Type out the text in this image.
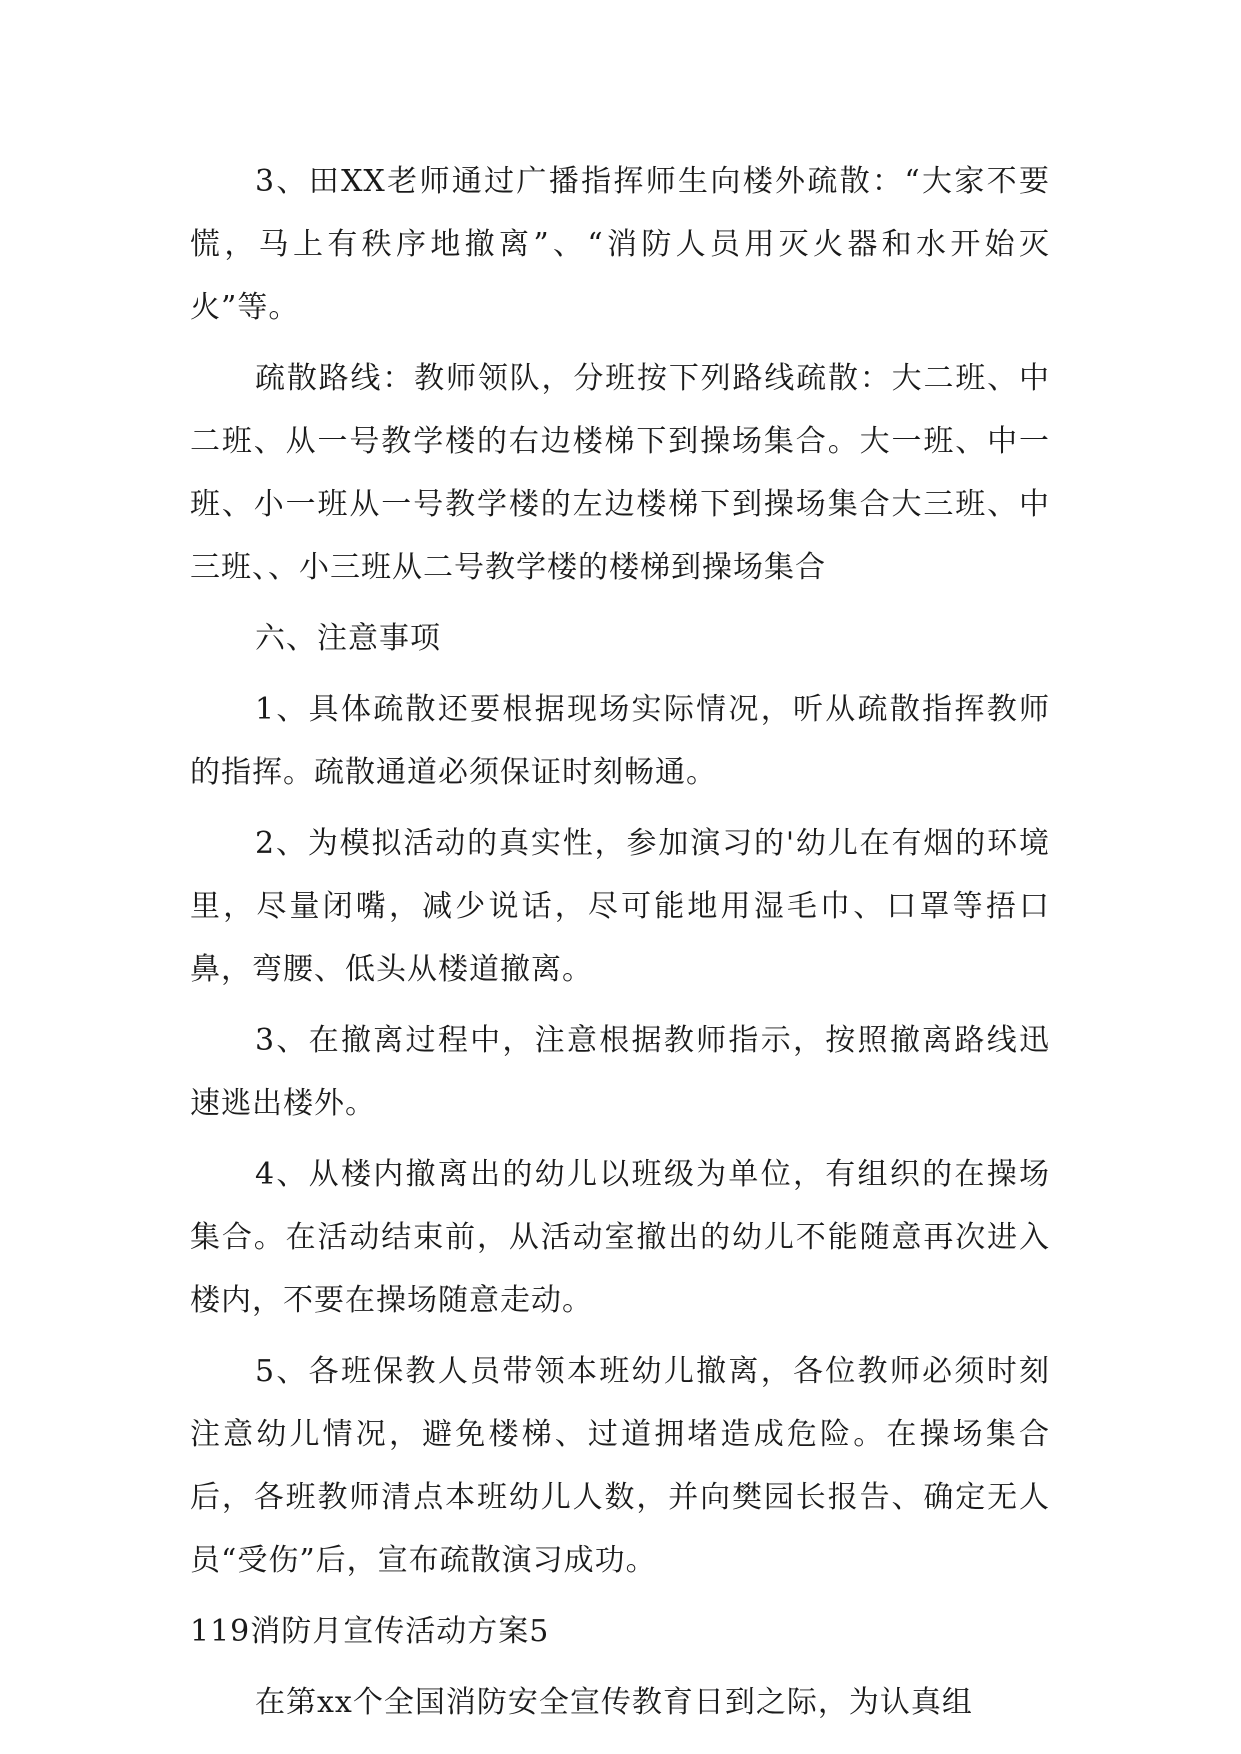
3、田XX老师通过广播指挥师生向楼外疏散：“大家不要慌，马上有秩序地撤离”、“消防人员用灭火器和水开始灭火”等。

疏散路线：教师领队，分班按下列路线疏散：大二班、中二班、从一号教学楼的右边楼梯下到操场集合。大一班、中一班、小一班从一号教学楼的左边楼梯下到操场集合大三班、中三班、、小三班从二号教学楼的楼梯到操场集合

六、注意事项

1、具体疏散还要根据现场实际情况，听从疏散指挥教师的指挥。疏散通道必须保证时刻畅通。

2、为模拟活动的真实性，参加演习的'幼儿在有烟的环境里，尽量闭嘴，减少说话，尽可能地用湿毛巾、口罩等捂口鼻，弯腰、低头从楼道撤离。

3、在撤离过程中，注意根据教师指示，按照撤离路线迅速逃出楼外。

4、从楼内撤离出的幼儿以班级为单位，有组织的在操场集合。在活动结束前，从活动室撤出的幼儿不能随意再次进入楼内，不要在操场随意走动。

5、各班保教人员带领本班幼儿撤离，各位教师必须时刻注意幼儿情况，避免楼梯、过道拥堵造成危险。在操场集合后，各班教师清点本班幼儿人数，并向樊园长报告、确定无人员“受伤”后，宣布疏散演习成功。

119消防月宣传活动方案5

在第xx个全国消防安全宣传教育日到之际，为认真组
